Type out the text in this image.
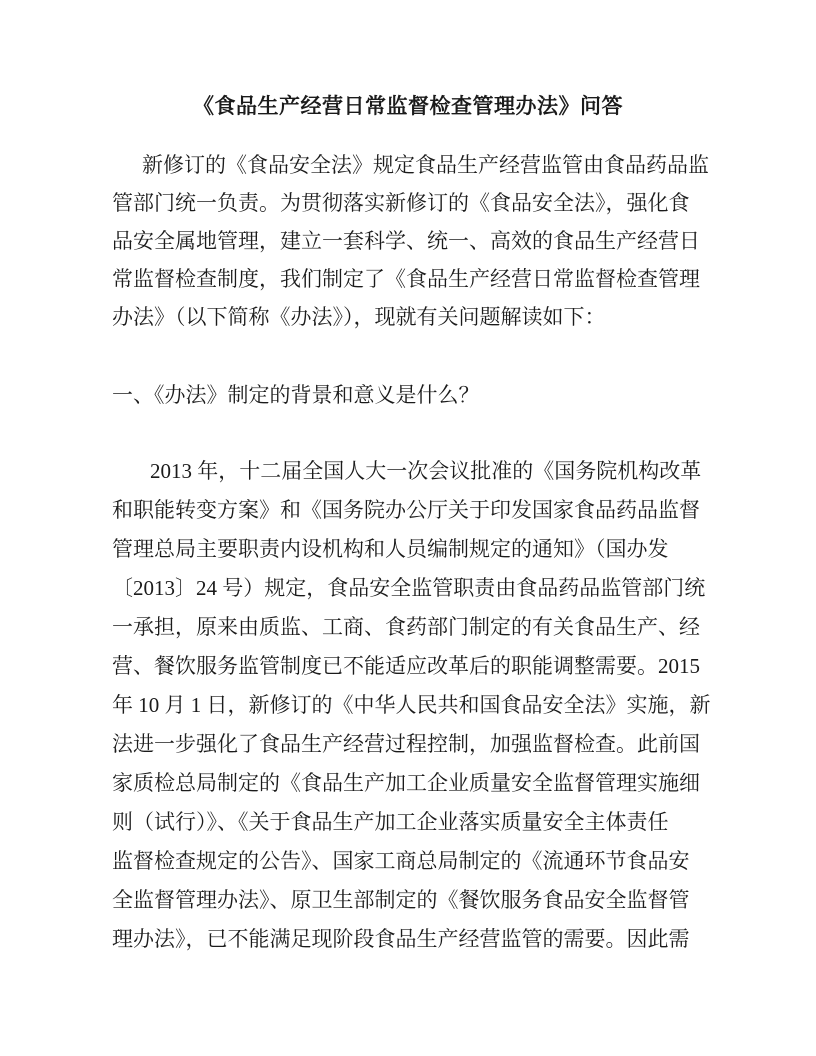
《食品生产经营日常监督检查管理办法》问答
新修订的《食品安全法》规定食品生产经营监管由食品药品监
管部门统一负责。为贯彻落实新修订的《食品安全法》，强化食
品安全属地管理，建立一套科学、统一、高效的食品生产经营日
常监督检查制度，我们制定了《食品生产经营日常监督检查管理
办法》（以下简称《办法》），现就有关问题解读如下：
一、《办法》制定的背景和意义是什么？
2013 年，十二届全国人大一次会议批准的《国务院机构改革
和职能转变方案》和《国务院办公厅关于印发国家食品药品监督
管理总局主要职责内设机构和人员编制规定的通知》（国办发
〔2013〕24 号）规定，食品安全监管职责由食品药品监管部门统
一承担，原来由质监、工商、食药部门制定的有关食品生产、经
营、餐饮服务监管制度已不能适应改革后的职能调整需要。2015
年 10 月 1 日，新修订的《中华人民共和国食品安全法》实施，新
法进一步强化了食品生产经营过程控制，加强监督检查。此前国
家质检总局制定的《食品生产加工企业质量安全监督管理实施细
则（试行）》、《关于食品生产加工企业落实质量安全主体责任
监督检查规定的公告》、国家工商总局制定的《流通环节食品安
全监督管理办法》、原卫生部制定的《餐饮服务食品安全监督管
理办法》，已不能满足现阶段食品生产经营监管的需要。因此需
